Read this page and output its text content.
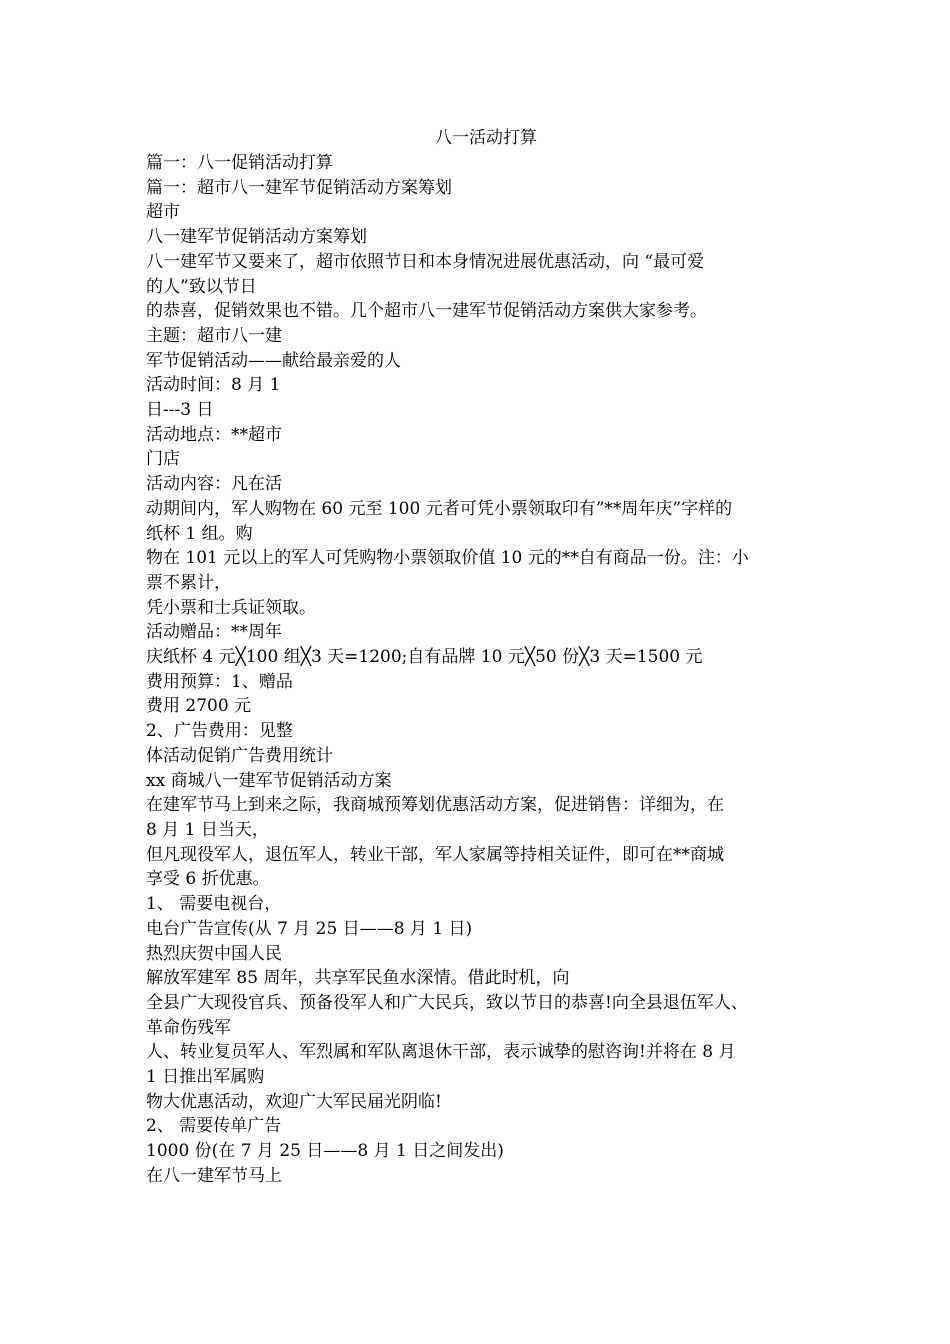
八一活动打算
篇一：八一促销活动打算
篇一：超市八一建军节促销活动方案筹划
超市
八一建军节促销活动方案筹划
八一建军节又要来了，超市依照节日和本身情况进展优惠活动，向 “最可爱
的人”致以节日
的恭喜，促销效果也不错。几个超市八一建军节促销活动方案供大家参考。
主题：超市八一建
军节促销活动——献给最亲爱的人
活动时间：8 月 1
日---3 日
活动地点：**超市
门店
活动内容：凡在活
动期间内，军人购物在 60 元至 100 元者可凭小票领取印有”**周年庆”字样的
纸杯 1 组。购
物在 101 元以上的军人可凭购物小票领取价值 10 元的**自有商品一份。注：小
票不累计，
凭小票和士兵证领取。
活动赠品：**周年
庆纸杯 4 元╳100 组╳3 天=1200;自有品牌 10 元╳50 份╳3 天=1500 元
费用预算：1、赠品
费用 2700 元
2、广告费用：见整
体活动促销广告费用统计
xx 商城八一建军节促销活动方案
在建军节马上到来之际，我商城预筹划优惠活动方案，促进销售：详细为，在
8 月 1 日当天，
但凡现役军人，退伍军人，转业干部，军人家属等持相关证件，即可在**商城
享受 6 折优惠。
1、 需要电视台，
电台广告宣传(从 7 月 25 日——8 月 1 日)
热烈庆贺中国人民
解放军建军 85 周年，共享军民鱼水深情。借此时机，向
全县广大现役官兵、预备役军人和广大民兵，致以节日的恭喜!向全县退伍军人、
革命伤残军
人、转业复员军人、军烈属和军队离退休干部，表示诚挚的慰咨询!并将在 8 月
1 日推出军属购
物大优惠活动，欢迎广大军民届光阴临!
2、 需要传单广告
1000 份(在 7 月 25 日——8 月 1 日之间发出)
在八一建军节马上
